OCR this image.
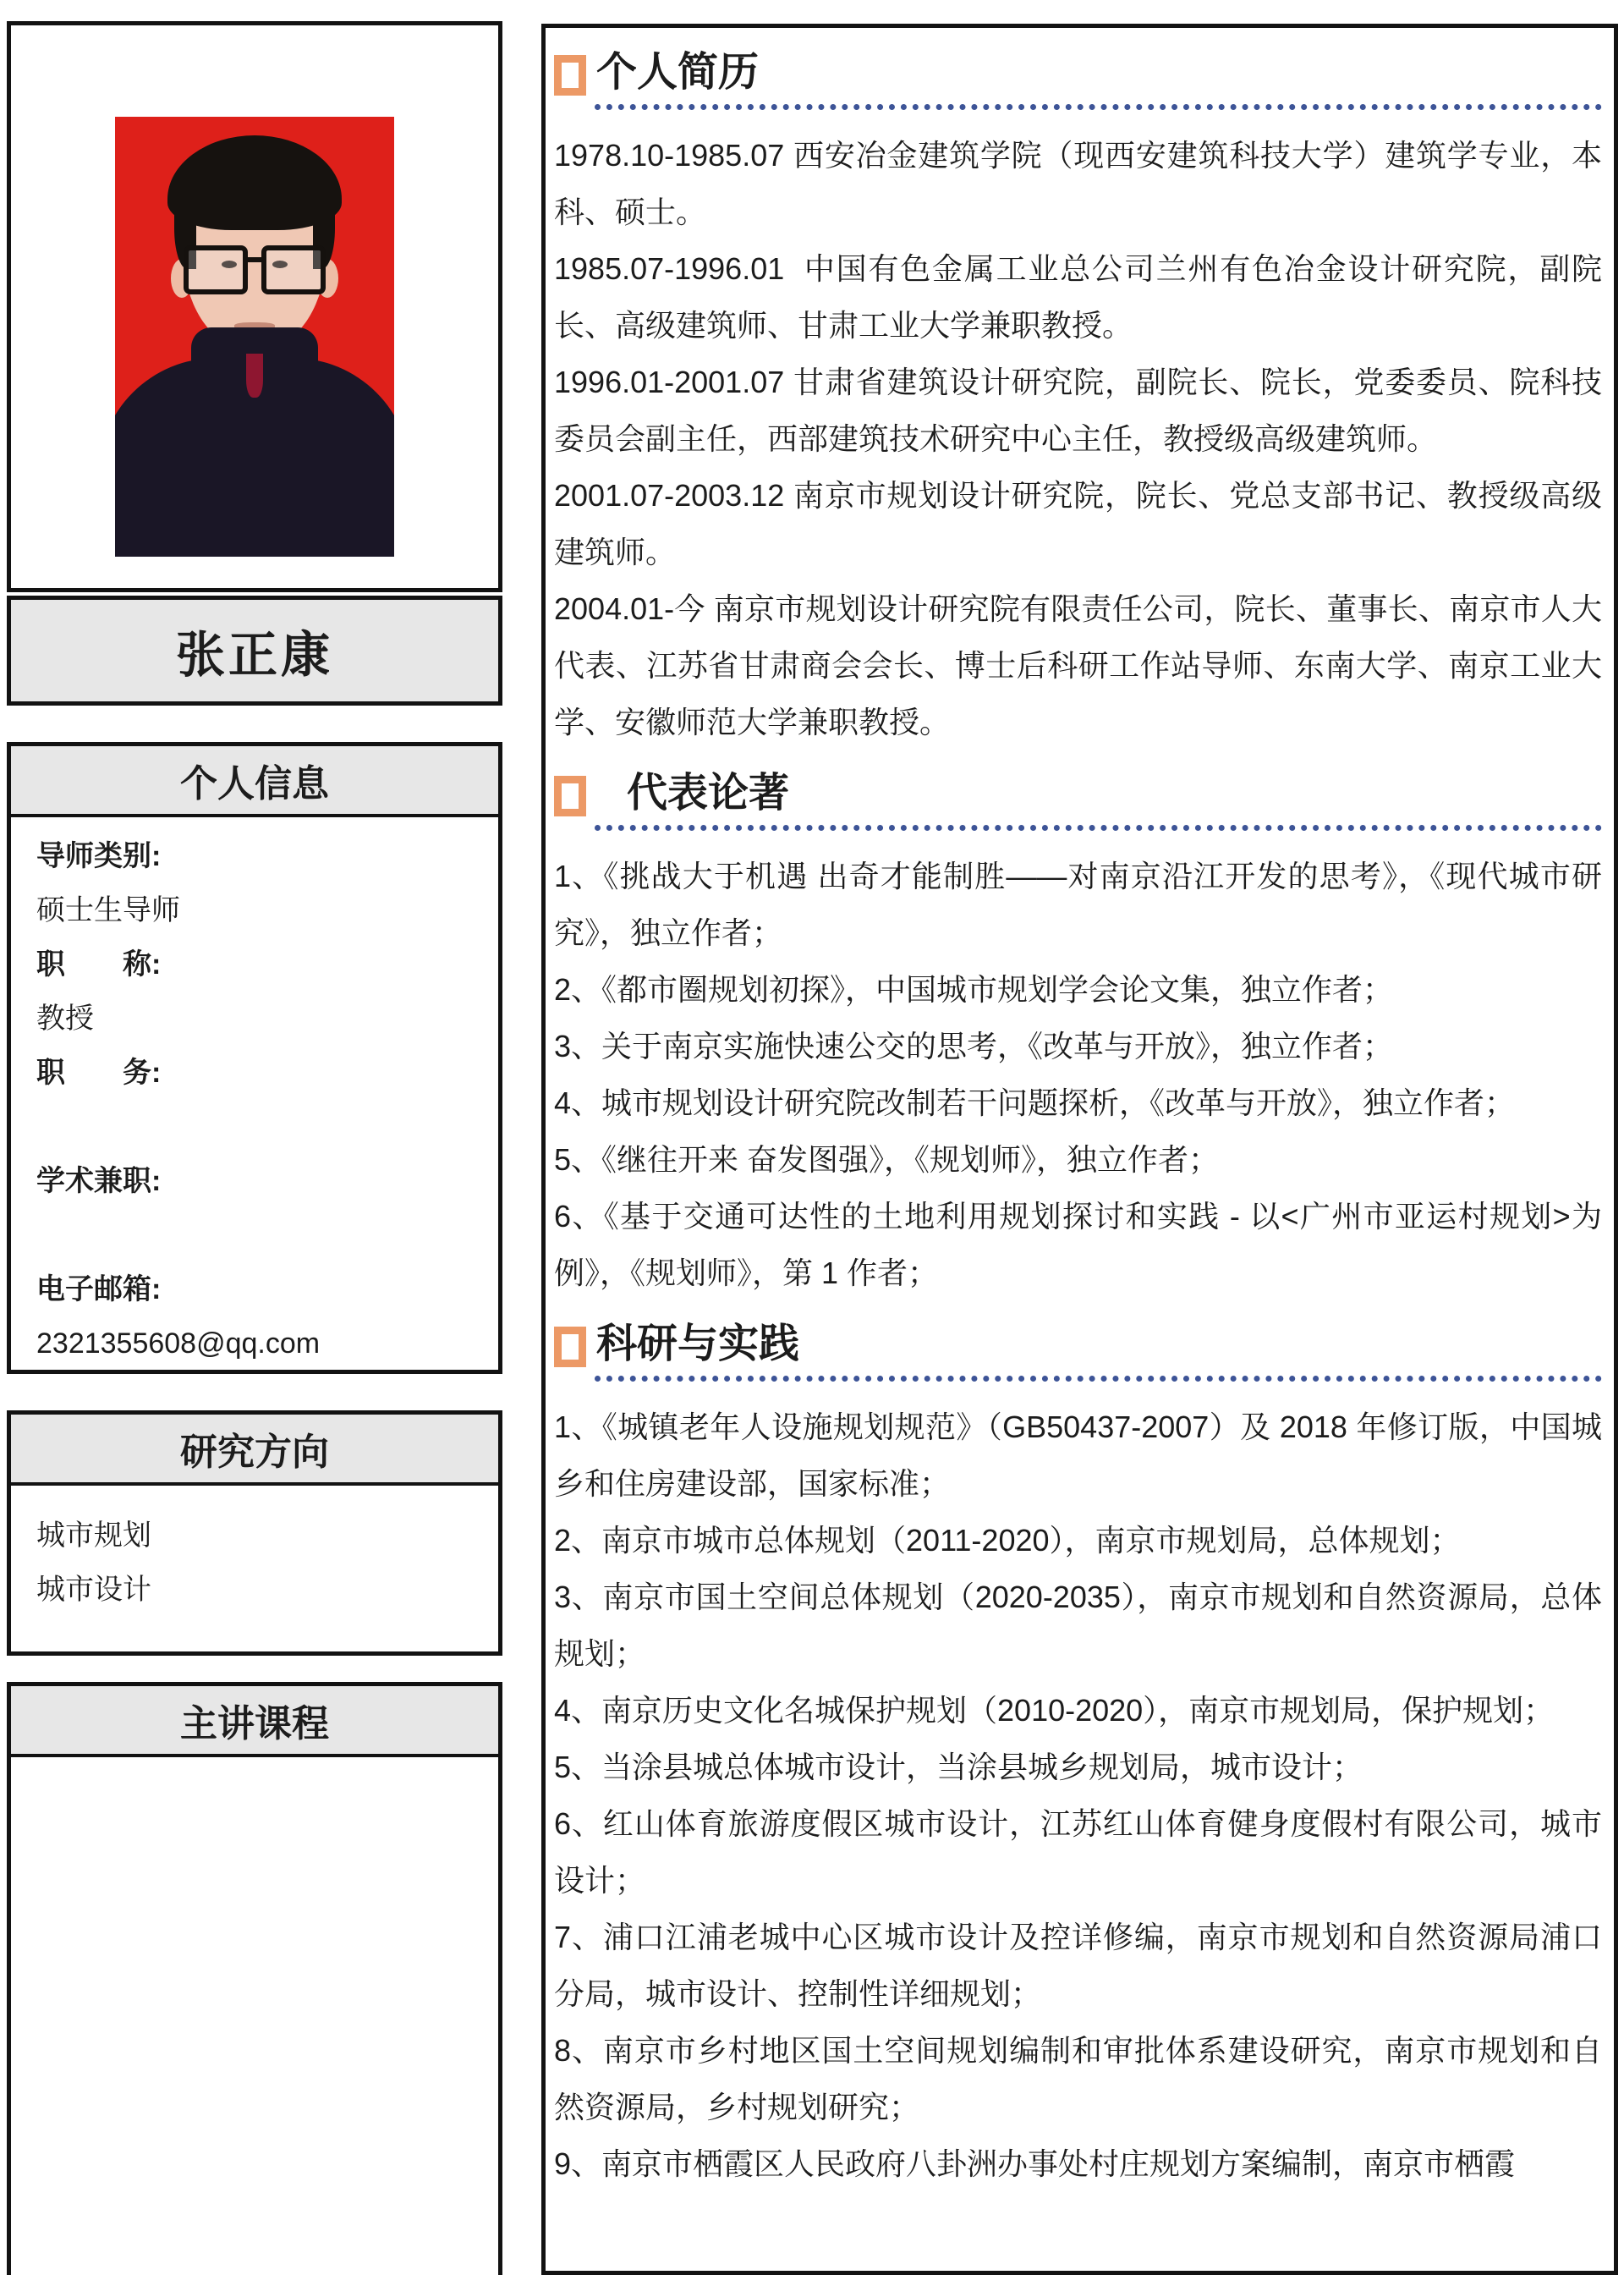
张正康
个人信息
导师类别:
硕士生导师
职　　称:
教授
职　　务:
学术兼职:
电子邮箱:
2321355608@qq.com
研究方向
城市规划
城市设计
主讲课程
个人简历

1978.10-1985.07 西安冶金建筑学院（现西安建筑科技大学）建筑学专业，本科、硕士。

1985.07-1996.01  中国有色金属工业总公司兰州有色冶金设计研究院，副院长、高级建筑师、甘肃工业大学兼职教授。

1996.01-2001.07 甘肃省建筑设计研究院，副院长、院长，党委委员、院科技委员会副主任，西部建筑技术研究中心主任，教授级高级建筑师。

2001.07-2003.12 南京市规划设计研究院，院长、党总支部书记、教授级高级建筑师。

2004.01-今 南京市规划设计研究院有限责任公司，院长、董事长、南京市人大代表、江苏省甘肃商会会长、博士后科研工作站导师、东南大学、南京工业大学、安徽师范大学兼职教授。

代表论著

1、《挑战大于机遇 出奇才能制胜——对南京沿江开发的思考》，《现代城市研究》，独立作者；

2、《都市圈规划初探》，中国城市规划学会论文集，独立作者；

3、关于南京实施快速公交的思考，《改革与开放》，独立作者；

4、城市规划设计研究院改制若干问题探析，《改革与开放》，独立作者；

5、《继往开来 奋发图强》，《规划师》，独立作者；

6、《基于交通可达性的土地利用规划探讨和实践 - 以<广州市亚运村规划>为例》，《规划师》，第 1 作者；

科研与实践

1、《城镇老年人设施规划规范》（GB50437-2007）及 2018 年修订版，中国城乡和住房建设部，国家标准；

2、南京市城市总体规划（2011-2020），南京市规划局，总体规划；

3、南京市国土空间总体规划（2020-2035），南京市规划和自然资源局，总体规划；

4、南京历史文化名城保护规划（2010-2020），南京市规划局，保护规划；

5、当涂县城总体城市设计，当涂县城乡规划局，城市设计；

6、红山体育旅游度假区城市设计，江苏红山体育健身度假村有限公司，城市设计；

7、浦口江浦老城中心区城市设计及控详修编，南京市规划和自然资源局浦口分局，城市设计、控制性详细规划；

8、南京市乡村地区国土空间规划编制和审批体系建设研究，南京市规划和自然资源局，乡村规划研究；

9、南京市栖霞区人民政府八卦洲办事处村庄规划方案编制，南京市栖霞
